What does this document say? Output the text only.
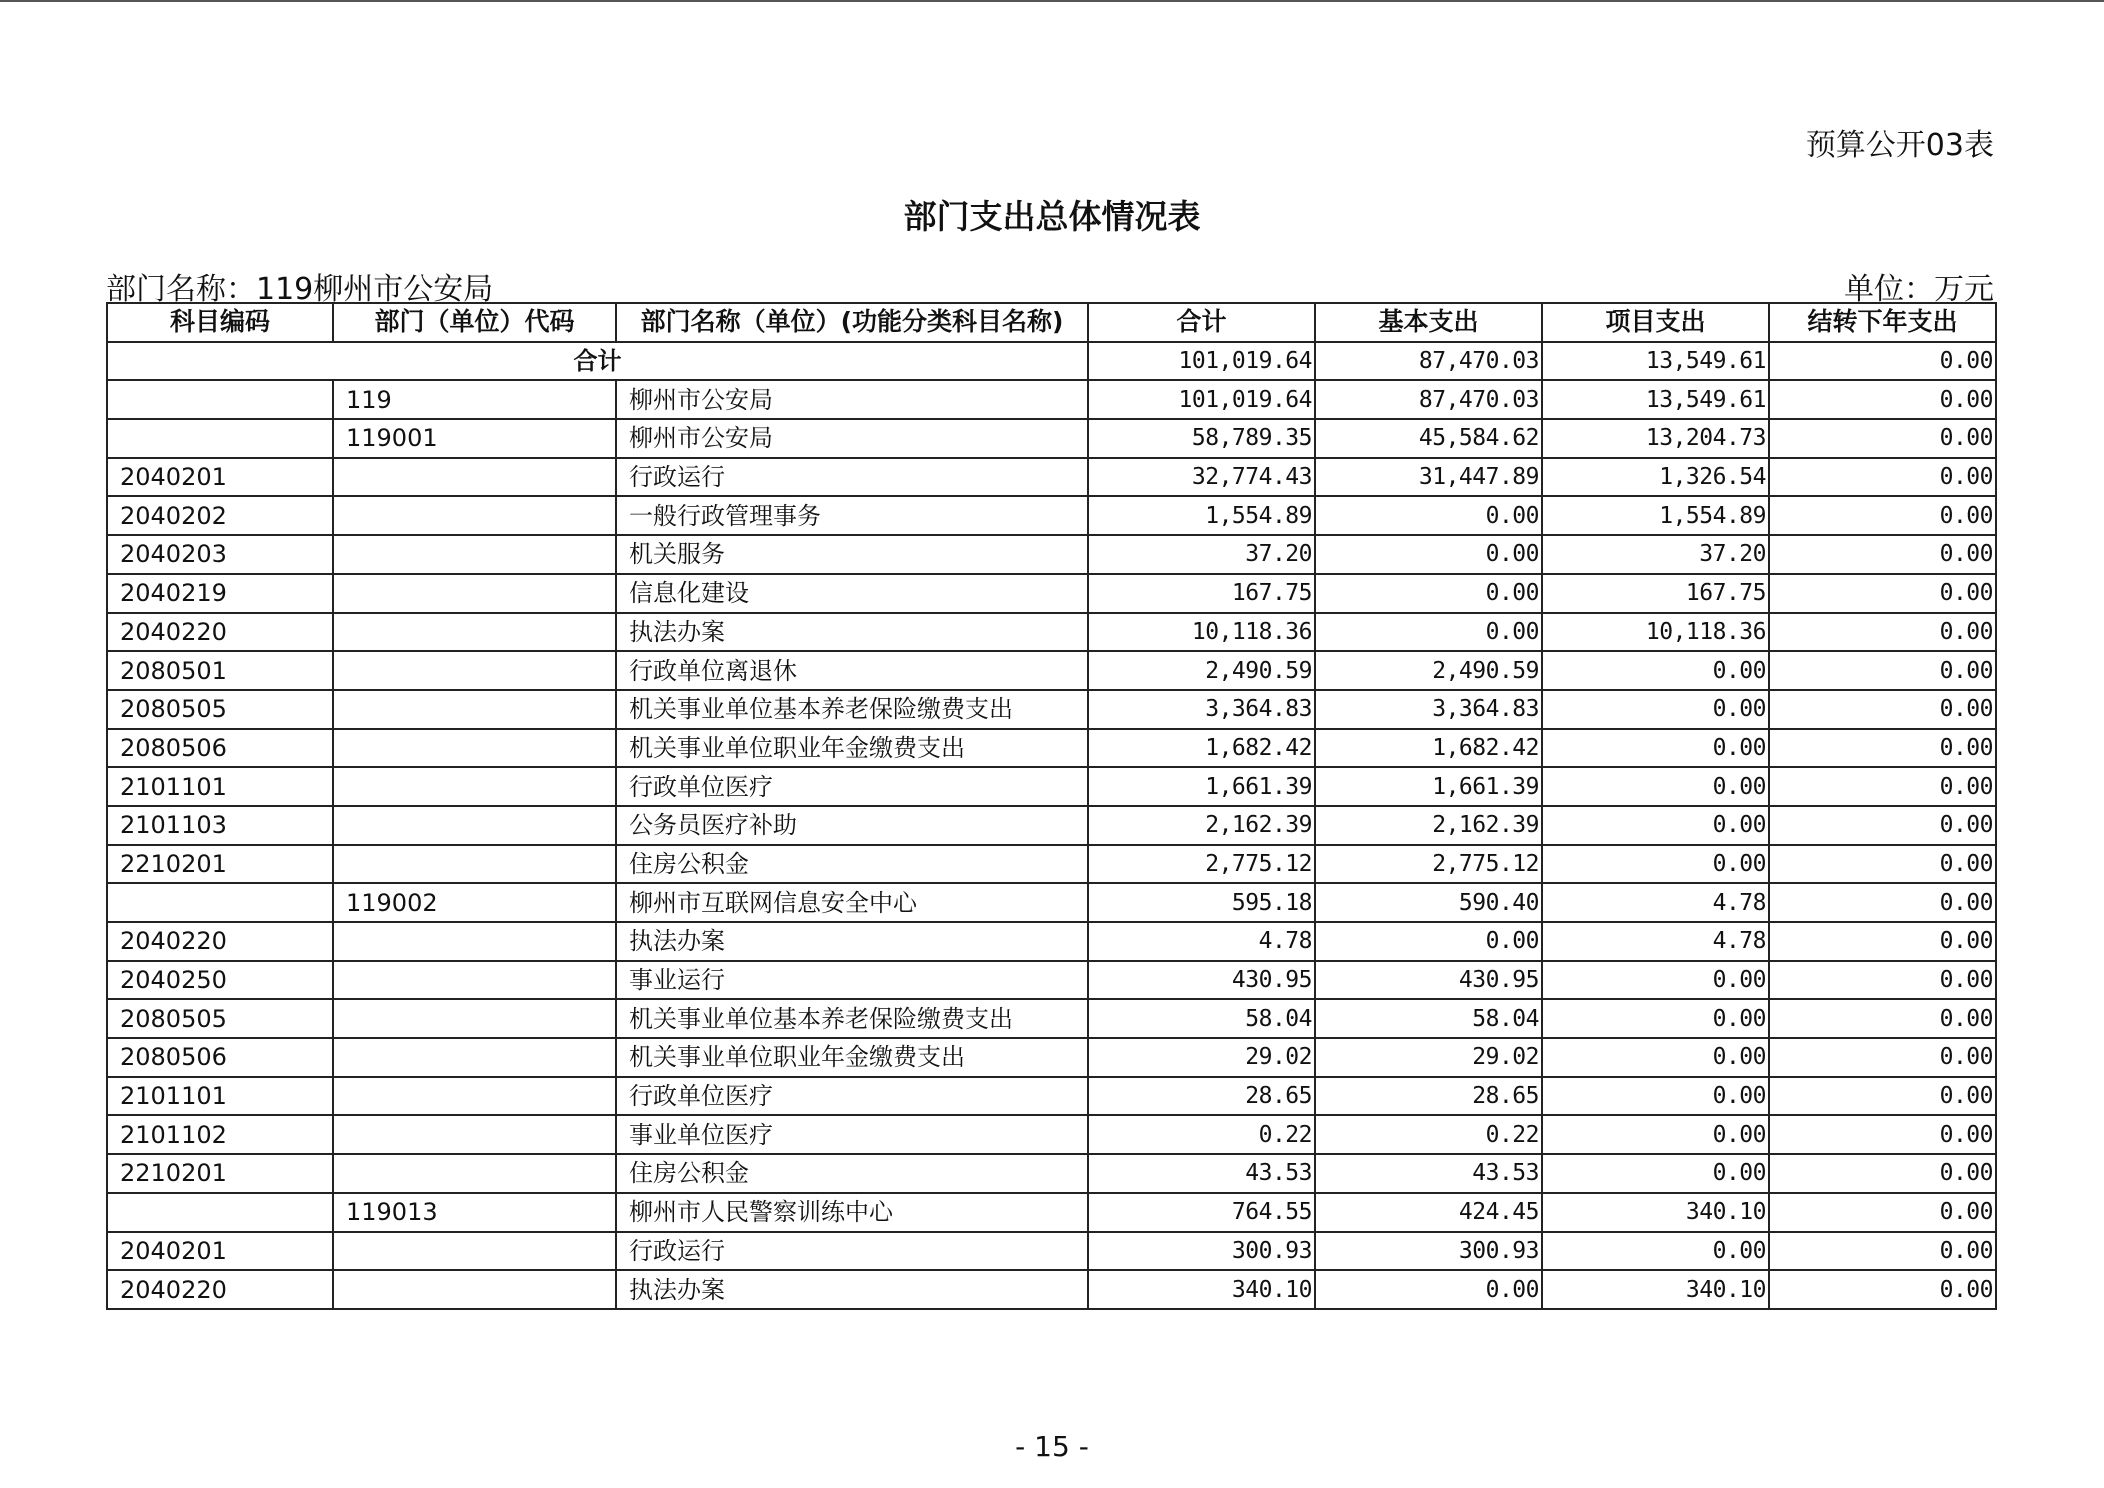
预算公开03表
部门支出总体情况表
部门名称：119柳州市公安局	单位：万元
科目编码	部门（单位）代码	部门名称（单位）(功能分类科目名称)	合计	基本支出	项目支出	结转下年支出
合计			101,019.64	87,470.03	13,549.61	0.00
	119	柳州市公安局	101,019.64	87,470.03	13,549.61	0.00
	119001	柳州市公安局	58,789.35	45,584.62	13,204.73	0.00
2040201		行政运行	32,774.43	31,447.89	1,326.54	0.00
2040202		一般行政管理事务	1,554.89	0.00	1,554.89	0.00
2040203		机关服务	37.20	0.00	37.20	0.00
2040219		信息化建设	167.75	0.00	167.75	0.00
2040220		执法办案	10,118.36	0.00	10,118.36	0.00
2080501		行政单位离退休	2,490.59	2,490.59	0.00	0.00
2080505		机关事业单位基本养老保险缴费支出	3,364.83	3,364.83	0.00	0.00
2080506		机关事业单位职业年金缴费支出	1,682.42	1,682.42	0.00	0.00
2101101		行政单位医疗	1,661.39	1,661.39	0.00	0.00
2101103		公务员医疗补助	2,162.39	2,162.39	0.00	0.00
2210201		住房公积金	2,775.12	2,775.12	0.00	0.00
	119002	柳州市互联网信息安全中心	595.18	590.40	4.78	0.00
2040220		执法办案	4.78	0.00	4.78	0.00
2040250		事业运行	430.95	430.95	0.00	0.00
2080505		机关事业单位基本养老保险缴费支出	58.04	58.04	0.00	0.00
2080506		机关事业单位职业年金缴费支出	29.02	29.02	0.00	0.00
2101101		行政单位医疗	28.65	28.65	0.00	0.00
2101102		事业单位医疗	0.22	0.22	0.00	0.00
2210201		住房公积金	43.53	43.53	0.00	0.00
	119013	柳州市人民警察训练中心	764.55	424.45	340.10	0.00
2040201		行政运行	300.93	300.93	0.00	0.00
2040220		执法办案	340.10	0.00	340.10	0.00
- 15 -
